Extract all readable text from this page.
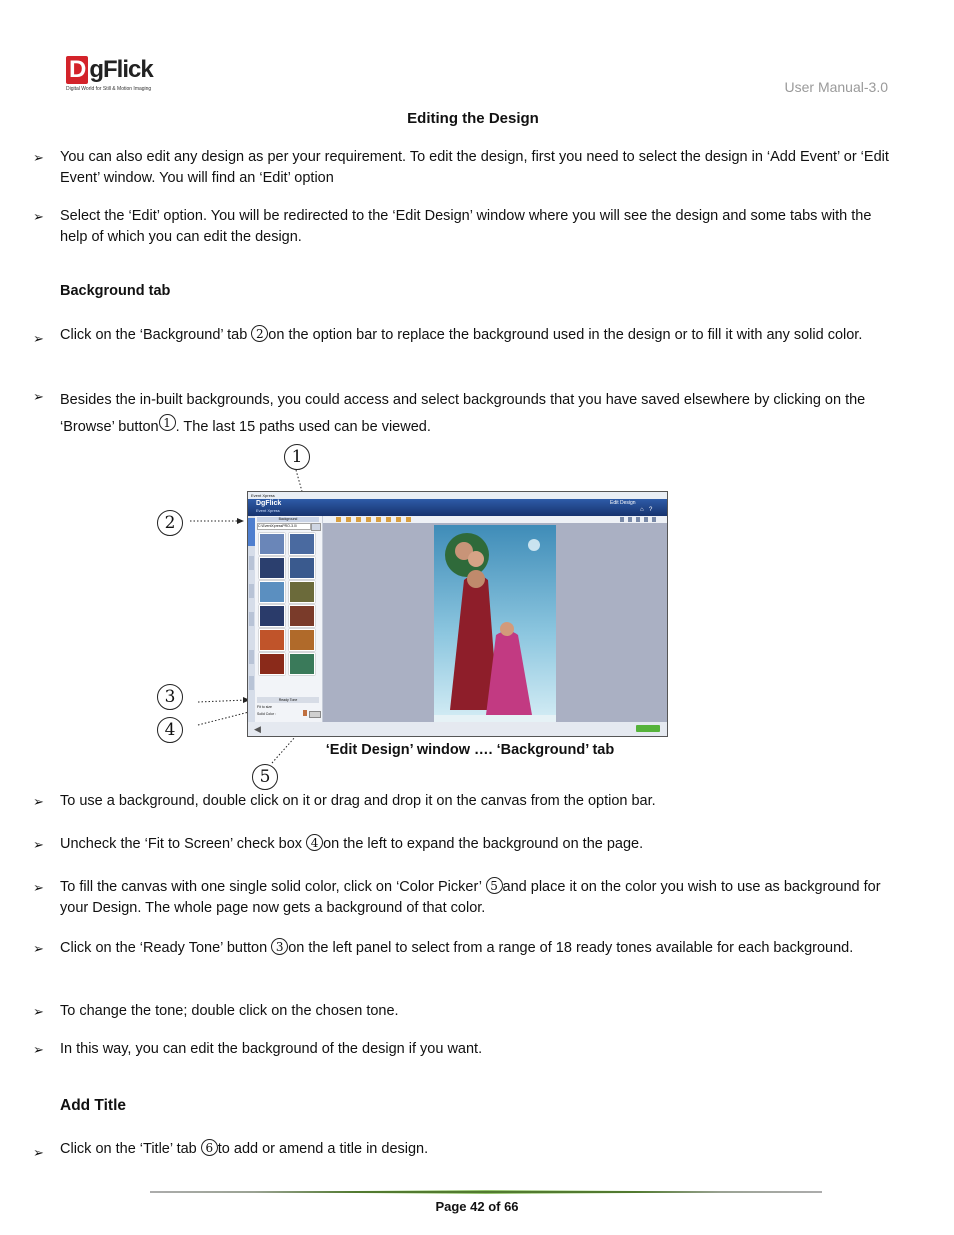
D gFlick
Digital World for Still & Motion Imaging	User Manual-3.0
Editing the Design
➢ You can also edit any design as per your requirement. To edit the design, first you need to select the design in ‘Add Event’ or ‘Edit Event’ window. You will find an ‘Edit’ option
➢ Select the ‘Edit’ option. You will be redirected to the ‘Edit Design’ window where you will see the design and some tabs with the help of which you can edit the design.
Background tab
➢ Click on the ‘Background’ tab 2 on the option bar to replace the background used in the design or to fill it with any solid color.
➢ Besides the in-built backgrounds, you could access and select backgrounds that you have saved elsewhere by clicking on the ‘Browse’ button 1 . The last 15 paths used can be viewed.
1
2
3
4
5
Event Xpress
DgFlick
Event Xpress
Edit Design
⌂ ?
Background
C:\EventXpressPRO-3.0\
Ready Tone
Fit to size
Solid Color :
◀
‘Edit Design’ window …. ‘Background’ tab
➢ To use a background, double click on it or drag and drop it on the canvas from the option bar.
➢ Uncheck the ‘Fit to Screen’ check box 4 on the left to expand the background on the page.
➢ To fill the canvas with one single solid color, click on ‘Color Picker’ 5 and place it on the color you wish to use as background for your Design. The whole page now gets a background of that color.
➢ Click on the ‘Ready Tone’ button 3 on the left panel to select from a range of 18 ready tones available for each background.
➢ To change the tone; double click on the chosen tone.
➢ In this way, you can edit the background of the design if you want.
Add Title
➢ Click on the ‘Title’ tab 6 to add or amend a title in design.
Page 42 of 66
